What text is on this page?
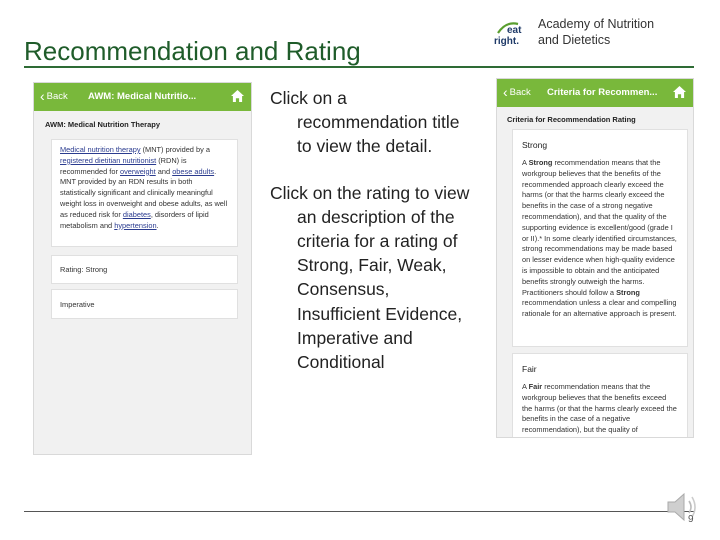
Recommendation and Rating
eat
right.
Academy of Nutrition
and Dietetics
‹ Back AWM: Medical Nutritio...
AWM: Medical Nutrition Therapy
Medical nutrition therapy (MNT) provided by a registered dietitian nutritionist (RDN) is recommended for overweight and obese adults. MNT provided by an RDN results in both statistically significant and clinically meaningful weight loss in overweight and obese adults, as well as reduced risk for diabetes, disorders of lipid metabolism and hypertension.
Rating: Strong
Imperative
Click on a recommendation title to view the detail.
Click on the rating to view an description of the criteria for a rating of Strong, Fair, Weak, Consensus, Insufficient Evidence, Imperative and Conditional
‹ Back Criteria for Recommen...
Criteria for Recommendation Rating
Strong
A Strong recommendation means that the workgroup believes that the benefits of the recommended approach clearly exceed the harms (or that the harms clearly exceed the benefits in the case of a strong negative recommendation), and that the quality of the supporting evidence is excellent/good (grade I or II).* In some clearly identified circumstances, strong recommendations may be made based on lesser evidence when high-quality evidence is impossible to obtain and the anticipated benefits strongly outweigh the harms.
Practitioners should follow a Strong recommendation unless a clear and compelling rationale for an alternative approach is present.
Fair
A Fair recommendation means that the workgroup believes that the benefits exceed the harms (or that the harms clearly exceed the benefits in the case of a negative recommendation), but the quality of
9
